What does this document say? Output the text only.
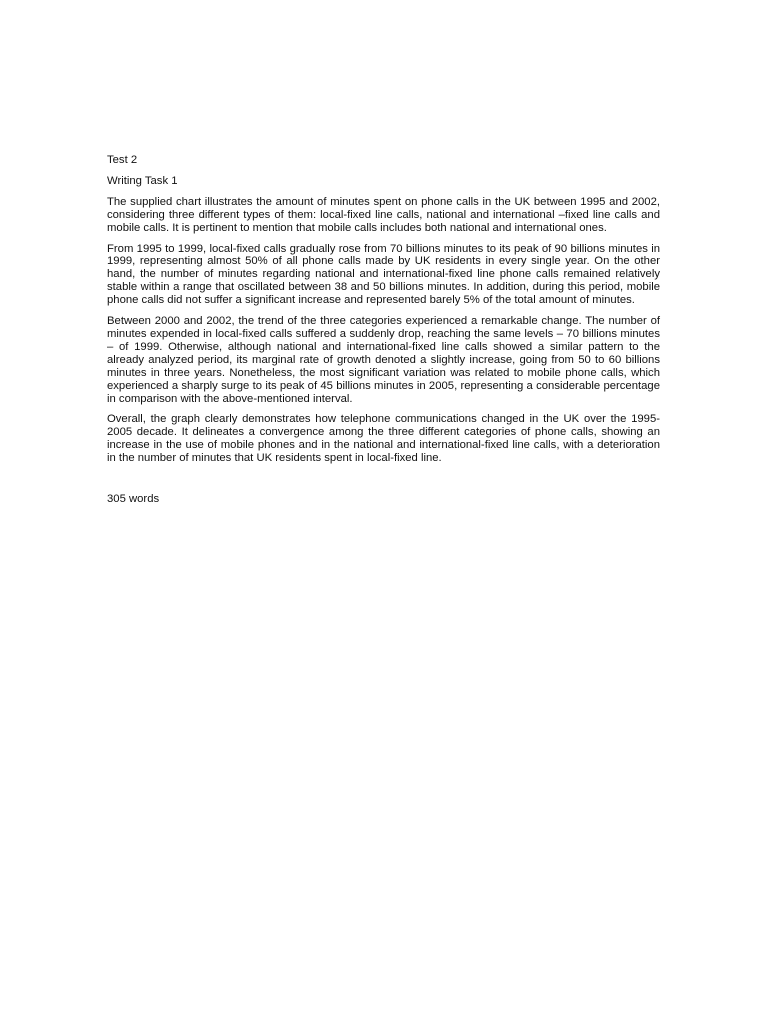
Test 2
Writing Task 1

The supplied chart illustrates the amount of minutes spent on phone calls in the UK between 1995 and 2002, considering three different types of them: local-fixed line calls, national and international –fixed line calls and mobile calls. It is pertinent to mention that mobile calls includes both national and international ones.

From 1995 to 1999, local-fixed calls gradually rose from 70 billions minutes to its peak of 90 billions minutes in 1999, representing almost 50% of all phone calls made by UK residents in every single year. On the other hand, the number of minutes regarding national and international-fixed line phone calls remained relatively stable within a range that oscillated between 38 and 50 billions minutes. In addition, during this period, mobile phone calls did not suffer a significant increase and represented barely 5% of the total amount of minutes.

Between 2000 and 2002, the trend of the three categories experienced a remarkable change. The number of minutes expended in local-fixed calls suffered a suddenly drop, reaching the same levels – 70 billions minutes – of 1999. Otherwise, although national and international-fixed line calls showed a similar pattern to the already analyzed period, its marginal rate of growth denoted a slightly increase, going from 50 to 60 billions minutes in three years. Nonetheless, the most significant variation was related to mobile phone calls, which experienced a sharply surge to its peak of 45 billions minutes in 2005, representing a considerable percentage in comparison with the above-mentioned interval.

Overall, the graph clearly demonstrates how telephone communications changed in the UK over the 1995-2005 decade. It delineates a convergence among the three different categories of phone calls, showing an increase in the use of mobile phones and in the national and international-fixed line calls, with a deterioration in the number of minutes that UK residents spent in local-fixed line.

305 words
